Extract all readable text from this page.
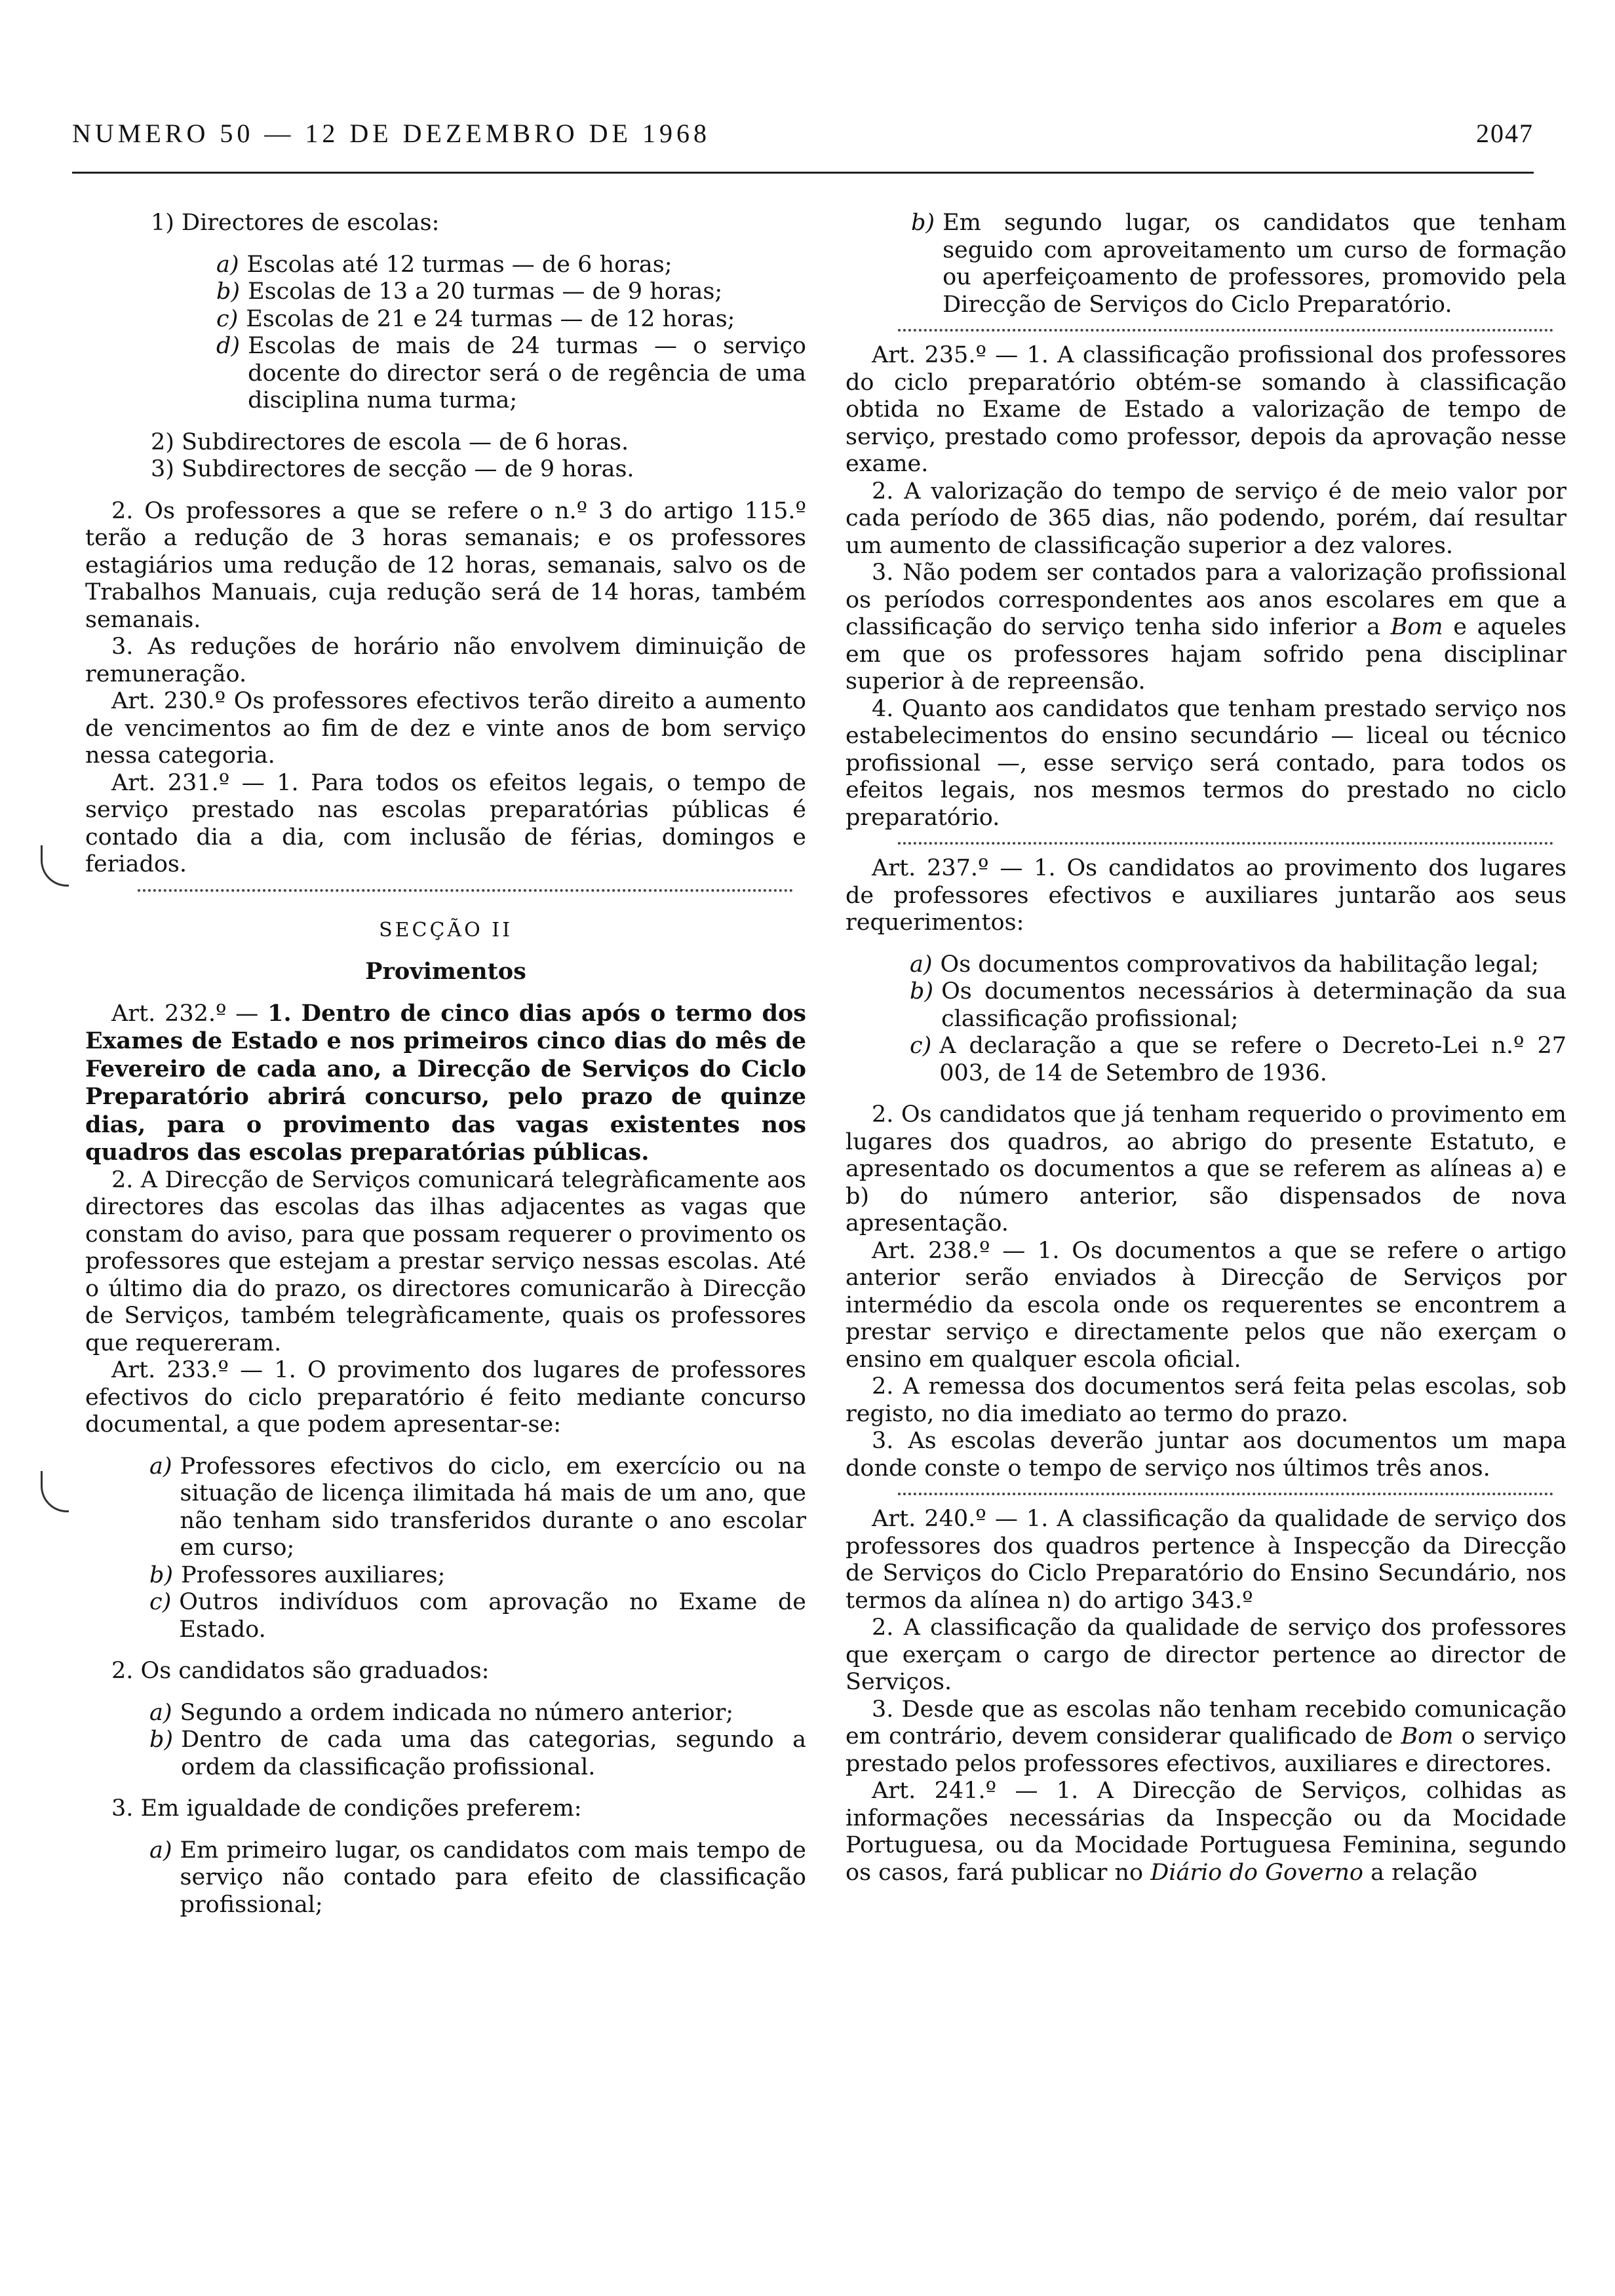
NUMERO 50 — 12 DE DEZEMBRO DE 1968	2047

1) Directores de escolas:

a) Escolas até 12 turmas — de 6 horas;
b) Escolas de 13 a 20 turmas — de 9 horas;
c) Escolas de 21 e 24 turmas — de 12 horas;
d) Escolas de mais de 24 turmas — o serviço docente do director será o de regência de uma disciplina numa turma;

2) Subdirectores de escola — de 6 horas.

3) Subdirectores de secção — de 9 horas.

2. Os professores a que se refere o n.º 3 do artigo 115.º terão a redução de 3 horas semanais; e os professores estagiários uma redução de 12 horas, semanais, salvo os de Trabalhos Manuais, cuja redução será de 14 horas, também semanais.

3. As reduções de horário não envolvem diminuição de remuneração.

Art. 230.º Os professores efectivos terão direito a aumento de vencimentos ao fim de dez e vinte anos de bom serviço nessa categoria.

Art. 231.º — 1. Para todos os efeitos legais, o tempo de serviço prestado nas escolas preparatórias públicas é contado dia a dia, com inclusão de férias, domingos e feriados.

SECÇÃO II

Provimentos

Art. 232.º — 1. Dentro de cinco dias após o termo dos Exames de Estado e nos primeiros cinco dias do mês de Fevereiro de cada ano, a Direcção de Serviços do Ciclo Preparatório abrirá concurso, pelo prazo de quinze dias, para o provimento das vagas existentes nos quadros das escolas preparatórias públicas.

2. A Direcção de Serviços comunicará telegràficamente aos directores das escolas das ilhas adjacentes as vagas que constam do aviso, para que possam requerer o provimento os professores que estejam a prestar serviço nessas escolas. Até o último dia do prazo, os directores comunicarão à Direcção de Serviços, também telegràficamente, quais os professores que requereram.

Art. 233.º — 1. O provimento dos lugares de professores efectivos do ciclo preparatório é feito mediante concurso documental, a que podem apresentar-se:

a) Professores efectivos do ciclo, em exercício ou na situação de licença ilimitada há mais de um ano, que não tenham sido transferidos durante o ano escolar em curso;
b) Professores auxiliares;
c) Outros indivíduos com aprovação no Exame de Estado.

2. Os candidatos são graduados:

a) Segundo a ordem indicada no número anterior;
b) Dentro de cada uma das categorias, segundo a ordem da classificação profissional.

3. Em igualdade de condições preferem:

a) Em primeiro lugar, os candidatos com mais tempo de serviço não contado para efeito de classificação profissional;
b) Em segundo lugar, os candidatos que tenham seguido com aproveitamento um curso de formação ou aperfeiçoamento de professores, promovido pela Direcção de Serviços do Ciclo Preparatório.

Art. 235.º — 1. A classificação profissional dos professores do ciclo preparatório obtém-se somando à classificação obtida no Exame de Estado a valorização de tempo de serviço, prestado como professor, depois da aprovação nesse exame.

2. A valorização do tempo de serviço é de meio valor por cada período de 365 dias, não podendo, porém, daí resultar um aumento de classificação superior a dez valores.

3. Não podem ser contados para a valorização profissional os períodos correspondentes aos anos escolares em que a classificação do serviço tenha sido inferior a Bom e aqueles em que os professores hajam sofrido pena disciplinar superior à de repreensão.

4. Quanto aos candidatos que tenham prestado serviço nos estabelecimentos do ensino secundário — liceal ou técnico profissional —, esse serviço será contado, para todos os efeitos legais, nos mesmos termos do prestado no ciclo preparatório.

Art. 237.º — 1. Os candidatos ao provimento dos lugares de professores efectivos e auxiliares juntarão aos seus requerimentos:

a) Os documentos comprovativos da habilitação legal;
b) Os documentos necessários à determinação da sua classificação profissional;
c) A declaração a que se refere o Decreto-Lei n.º 27 003, de 14 de Setembro de 1936.

2. Os candidatos que já tenham requerido o provimento em lugares dos quadros, ao abrigo do presente Estatuto, e apresentado os documentos a que se referem as alíneas a) e b) do número anterior, são dispensados de nova apresentação.

Art. 238.º — 1. Os documentos a que se refere o artigo anterior serão enviados à Direcção de Serviços por intermédio da escola onde os requerentes se encontrem a prestar serviço e directamente pelos que não exerçam o ensino em qualquer escola oficial.

2. A remessa dos documentos será feita pelas escolas, sob registo, no dia imediato ao termo do prazo.

3. As escolas deverão juntar aos documentos um mapa donde conste o tempo de serviço nos últimos três anos.

Art. 240.º — 1. A classificação da qualidade de serviço dos professores dos quadros pertence à Inspecção da Direcção de Serviços do Ciclo Preparatório do Ensino Secundário, nos termos da alínea n) do artigo 343.º

2. A classificação da qualidade de serviço dos professores que exerçam o cargo de director pertence ao director de Serviços.

3. Desde que as escolas não tenham recebido comunicação em contrário, devem considerar qualificado de Bom o serviço prestado pelos professores efectivos, auxiliares e directores.

Art. 241.º — 1. A Direcção de Serviços, colhidas as informações necessárias da Inspecção ou da Mocidade Portuguesa, ou da Mocidade Portuguesa Feminina, segundo os casos, fará publicar no Diário do Governo a relação
